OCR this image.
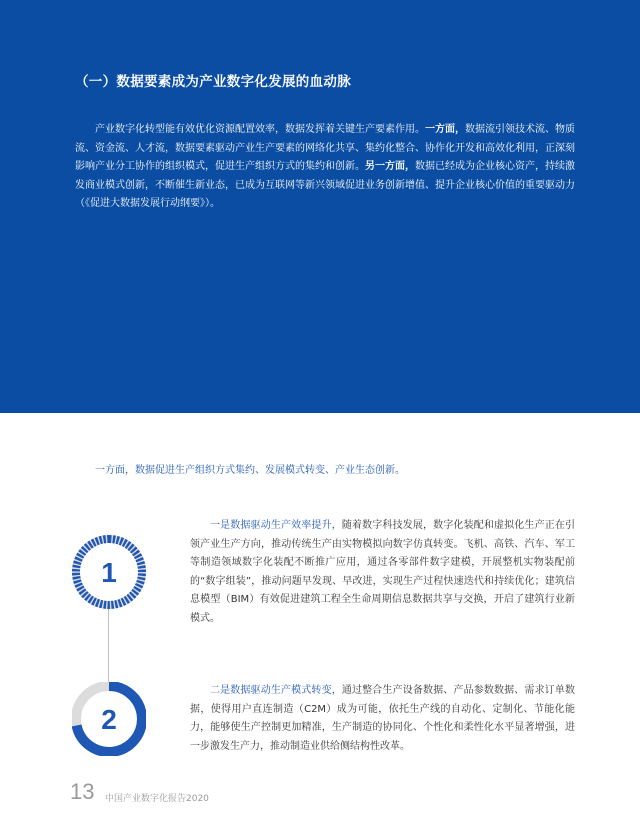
（一）数据要素成为产业数字化发展的血动脉
产业数字化转型能有效优化资源配置效率，数据发挥着关键生产要素作用。一方面，数据流引领技术流、物质流、资金流、人才流，数据要素驱动产业生产要素的网络化共享、集约化整合、协作化开发和高效化利用，正深刻影响产业分工协作的组织模式，促进生产组织方式的集约和创新。另一方面，数据已经成为企业核心资产，持续激发商业模式创新，不断催生新业态，已成为互联网等新兴领域促进业务创新增值、提升企业核心价值的重要驱动力（《促进大数据发展行动纲要》）。
一方面，数据促进生产组织方式集约、发展模式转变、产业生态创新。
1
2
一是数据驱动生产效率提升，随着数字科技发展，数字化装配和虚拟化生产正在引领产业生产方向，推动传统生产由实物模拟向数字仿真转变。飞机、高铁、汽车、军工等制造领域数字化装配不断推广应用，通过各零部件数字建模，开展整机实物装配前的“数字组装”，推动问题早发现、早改进，实现生产过程快速迭代和持续优化；建筑信息模型（BIM）有效促进建筑工程全生命周期信息数据共享与交换，开启了建筑行业新模式。
二是数据驱动生产模式转变，通过整合生产设备数据、产品参数数据、需求订单数据，使得用户直连制造（C2M）成为可能，依托生产线的自动化、定制化、节能化能力，能够使生产控制更加精准，生产制造的协同化、个性化和柔性化水平显著增强，进一步激发生产力，推动制造业供给侧结构性改革。
13 中国产业数字化报告2020
